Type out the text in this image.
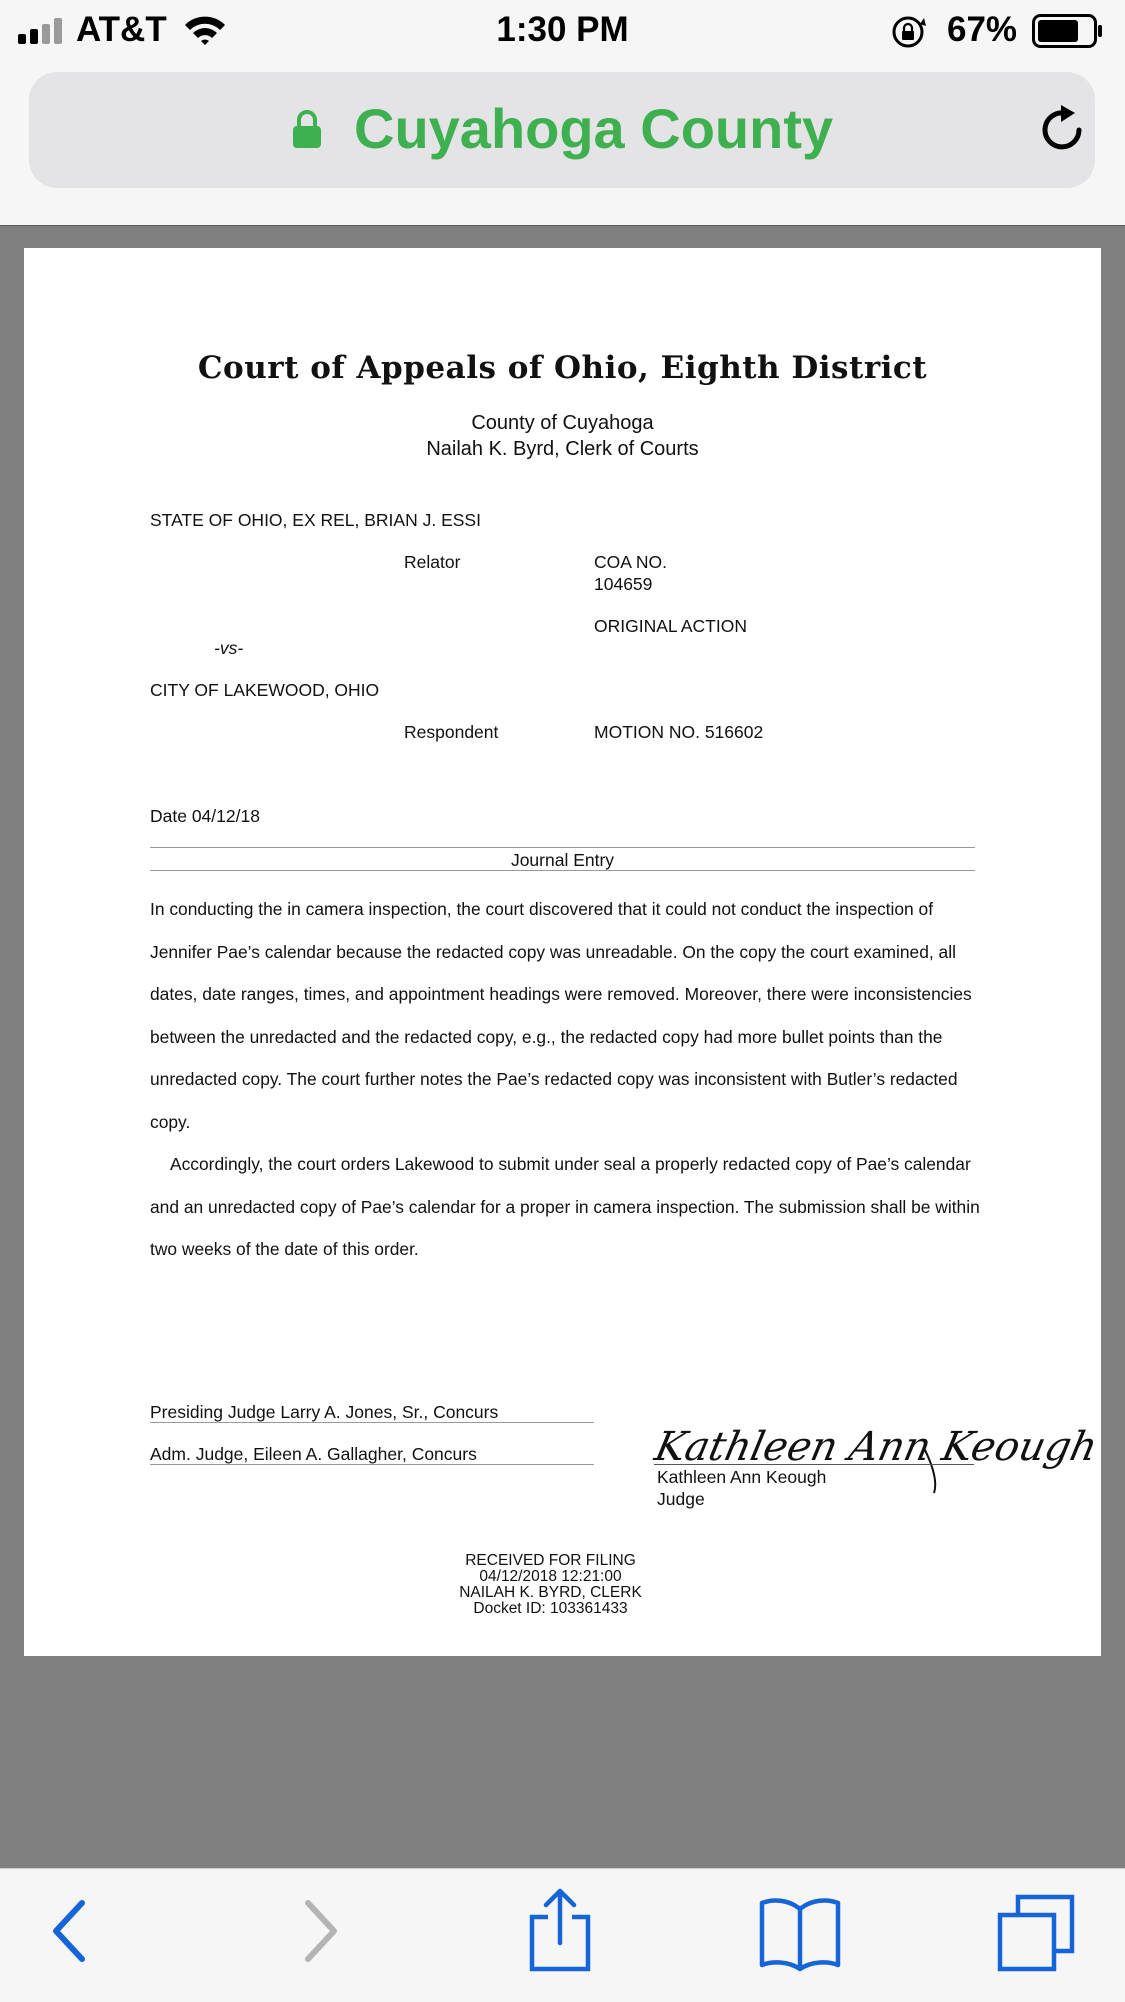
AT&T	1:30 PM	67%
Cuyahoga County
Court of Appeals of Ohio, Eighth District
County of Cuyahoga
Nailah K. Byrd, Clerk of Courts
STATE OF OHIO, EX REL, BRIAN J. ESSI
Relator	COA NO.
104659
ORIGINAL ACTION
-vs-
CITY OF LAKEWOOD, OHIO
Respondent	MOTION NO. 516602
Date 04/12/18
Journal Entry

In conducting the in camera inspection, the court discovered that it could not conduct the inspection of Jennifer Pae’s calendar because the redacted copy was unreadable. On the copy the court examined, all dates, date ranges, times, and appointment headings were removed. Moreover, there were inconsistencies between the unredacted and the redacted copy, e.g., the redacted copy had more bullet points than the unredacted copy. The court further notes the Pae’s redacted copy was inconsistent with Butler’s redacted copy.

Accordingly, the court orders Lakewood to submit under seal a properly redacted copy of Pae’s calendar and an unredacted copy of Pae’s calendar for a proper in camera inspection. The submission shall be within two weeks of the date of this order.

Presiding Judge Larry A. Jones, Sr., Concurs
Adm. Judge, Eileen A. Gallagher, Concurs	Kathleen Ann Keough
Kathleen Ann Keough
Judge
RECEIVED FOR FILING
04/12/2018 12:21:00
NAILAH K. BYRD, CLERK
Docket ID: 103361433
